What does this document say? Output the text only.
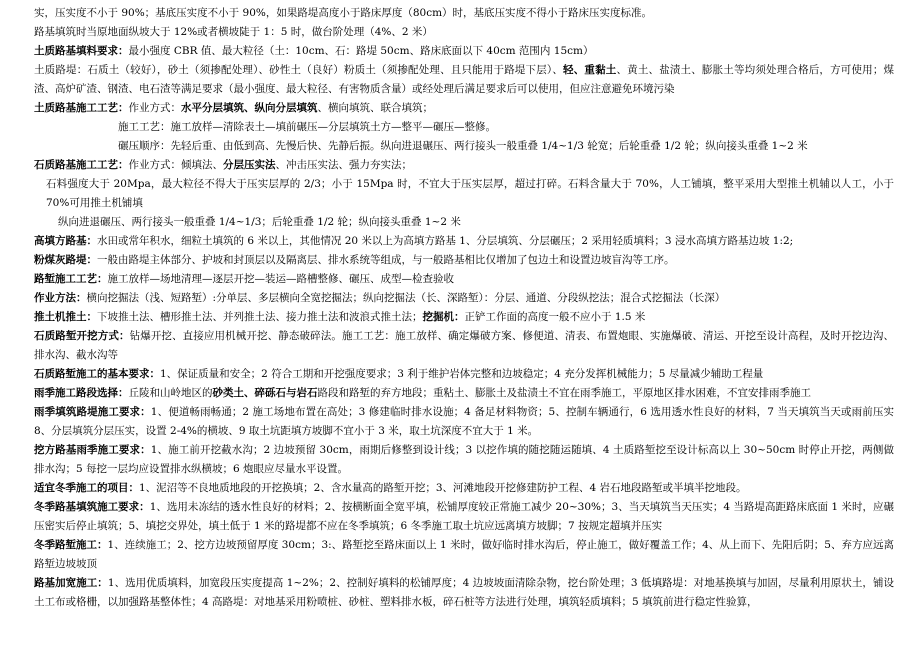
实，压实度不小于 90%；基底压实度不小于 90%，如果路堤高度小于路床厚度（80cm）时，基底压实度不得小于路床压实度标准。

路基填筑时当原地面纵坡大于 12%或者横坡陡于 1：5 时，做台阶处理（4%、2 米）

土质路基填料要求：最小强度 CBR 值、最大粒径（土：10cm、石：路堤 50cm、路床底面以下 40cm 范围内 15cm）

土质路堤：石质土（较好），砂土（须掺配处理）、砂性土（良好）粉质土（须掺配处理、且只能用于路堤下层）、轻、重黏土、黄土、盐渍土、膨胀土等均须处理合格后，方可使用；煤渣、高炉矿渣、钢渣、电石渣等满足要求（最小强度、最大粒径、有害物质含量）或经处理后满足要求后可以使用，但应注意避免环境污染

土质路基施工工艺：作业方式：水平分层填筑、纵向分层填筑、横向填筑、联合填筑；

施工工艺：施工放样—清除表土—填前碾压—分层填筑土方—整平—碾压—整修。

碾压顺序：先轻后重、由低到高、先慢后快、先静后振。纵向进退碾压、两行接头一般重叠 1/4~1/3 轮宽；后轮重叠 1/2 轮；纵向接头重叠 1~2 米

石质路基施工工艺：作业方式：倾填法、分层压实法、冲击压实法、强力夯实法；

石料强度大于 20Mpa，最大粒径不得大于压实层厚的 2/3；小于 15Mpa 时，不宜大于压实层厚，超过打碎。石料含量大于 70%，人工铺填，整平采用大型推土机辅以人工，小于 70%可用推土机铺填

纵向进退碾压、两行接头一般重叠 1/4~1/3；后轮重叠 1/2 轮；纵向接头重叠 1~2 米

高填方路基：水田或常年积水，细粒土填筑的 6 米以上，其他情况 20 米以上为高填方路基 1、分层填筑、分层碾压；2 采用轻质填料；3 浸水高填方路基边坡 1:2;

粉煤灰路堤：一般由路堤主体部分、护坡和封顶层以及隔离层、排水系统等组成，与一般路基相比仅增加了包边土和设置边坡盲沟等工序。

路堑施工工艺：施工放样—场地清理—逐层开挖—装运—路槽整修、碾压、成型—检查验收

作业方法：横向挖掘法（浅、短路堑）:分单层、多层横向全宽挖掘法；纵向挖掘法（长、深路堑）：分层、通道、分段纵挖法；混合式挖掘法（长深）

推土机推土：下坡推土法、槽形推土法、并列推土法、接力推土法和波浪式推土法；挖掘机：正铲工作面的高度一般不应小于 1.5 米

石质路堑开挖方式：钻爆开挖、直接应用机械开挖、静态破碎法。施工工艺：施工放样、确定爆破方案、修便道、清表、布置炮眼、实施爆破、清运、开挖至设计高程，及时开挖边沟、排水沟、截水沟等

石质路堑施工的基本要求：1、保证质量和安全；2 符合工期和开挖强度要求；3 利于维护岩体完整和边坡稳定；4 充分发挥机械能力；5 尽量减少辅助工程量

雨季施工路段选择：丘陵和山岭地区的砂类土、碎砾石与岩石路段和路堑的弃方地段；重粘土、膨胀土及盐渍土不宜在雨季施工，平原地区排水困难，不宜安排雨季施工

雨季填筑路堤施工要求：1、便道畅雨畅通；2 施工场地布置在高处；3 修建临时排水设施；4 备足材料物资；5、控制车辆通行，6 选用透水性良好的材料，7 当天填筑当天或雨前压实 8、分层填筑分层压实，设置 2-4%的横坡、9 取土坑距填方坡脚不宜小于 3 米，取土坑深度不宜大于 1 米。

挖方路基雨季施工要求：1、施工前开挖截水沟；2 边坡预留 30cm，雨期后修整到设计线；3 以挖作填的随挖随运随填、4 土质路堑挖至设计标高以上 30~50cm 时停止开挖，两侧做排水沟；5 每挖一层均应设置排水纵横坡；6 炮眼应尽量水平设置。

适宜冬季施工的项目：1、泥沼等不良地质地段的开挖换填；2、含水量高的路堑开挖；3、河滩地段开挖修建防护工程、4 岩石地段路堑或半填半挖地段。

冬季路基填筑施工要求：1、选用未冻结的透水性良好的材料；2、按横断面全宽平填，松铺厚度较正常施工减少 20~30%；3、当天填筑当天压实；4 当路堤高距路床底面 1 米时，应碾压密实后停止填筑；5、填挖交界处，填土低于 1 米的路堤都不应在冬季填筑；6 冬季施工取土坑应远离填方坡脚；7 按规定超填并压实

冬季路堑施工：1、连续施工；2、挖方边坡预留厚度 30cm；3:、路堑挖至路床面以上 1 米时，做好临时排水沟后，停止施工，做好覆盖工作；4、从上而下、先阳后阴；5、弃方应远离路堑边坡坡顶

路基加宽施工：1、选用优质填料，加宽段压实度提高 1~2%；2、控制好填料的松铺厚度；4 边坡坡面清除杂物，挖台阶处理；3 低填路堤：对地基换填与加固，尽量利用原状土，铺设土工布或格栅，以加强路基整体性；4 高路堤：对地基采用粉喷桩、砂桩、塑料排水板，碎石桩等方法进行处理，填筑轻质填料；5 填筑前进行稳定性验算，
